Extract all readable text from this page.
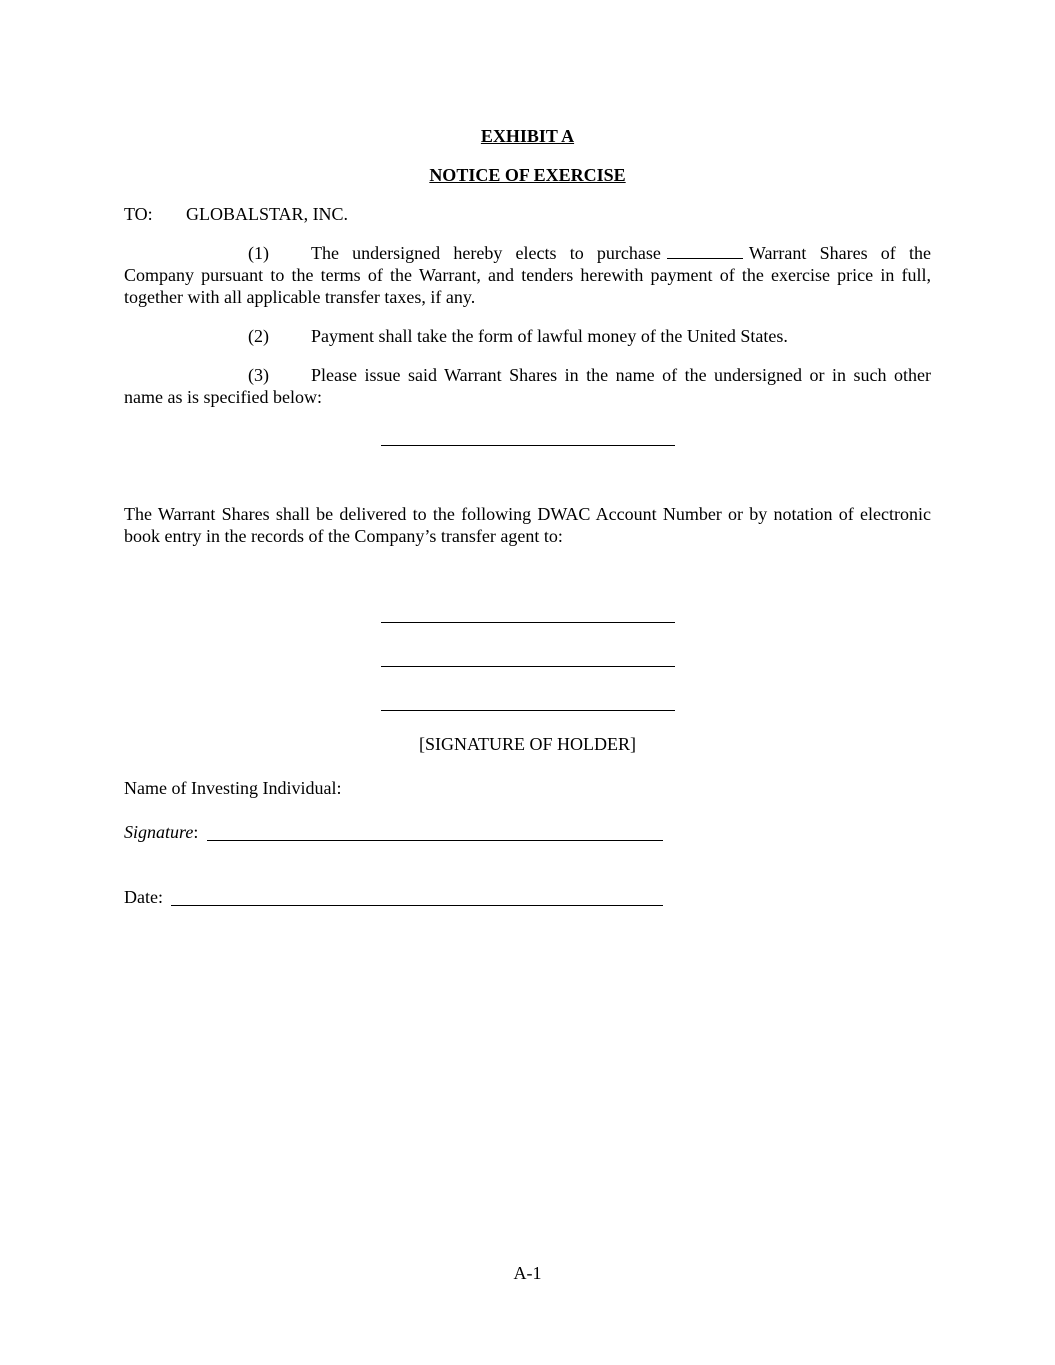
EXHIBIT A
NOTICE OF EXERCISE
TO: GLOBALSTAR, INC.
(1) The undersigned hereby elects to purchase	Warrant Shares of the Company pursuant to the terms of the Warrant, and tenders herewith payment of the exercise price in full, together with all applicable transfer taxes, if any.
(2) Payment shall take the form of lawful money of the United States.
(3) Please issue said Warrant Shares in the name of the undersigned or in such other name as is specified below:
The Warrant Shares shall be delivered to the following DWAC Account Number or by notation of electronic book entry in the records of the Company’s transfer agent to:
[SIGNATURE OF HOLDER]
Name of Investing Individual:
Signature:
Date:
A-1
